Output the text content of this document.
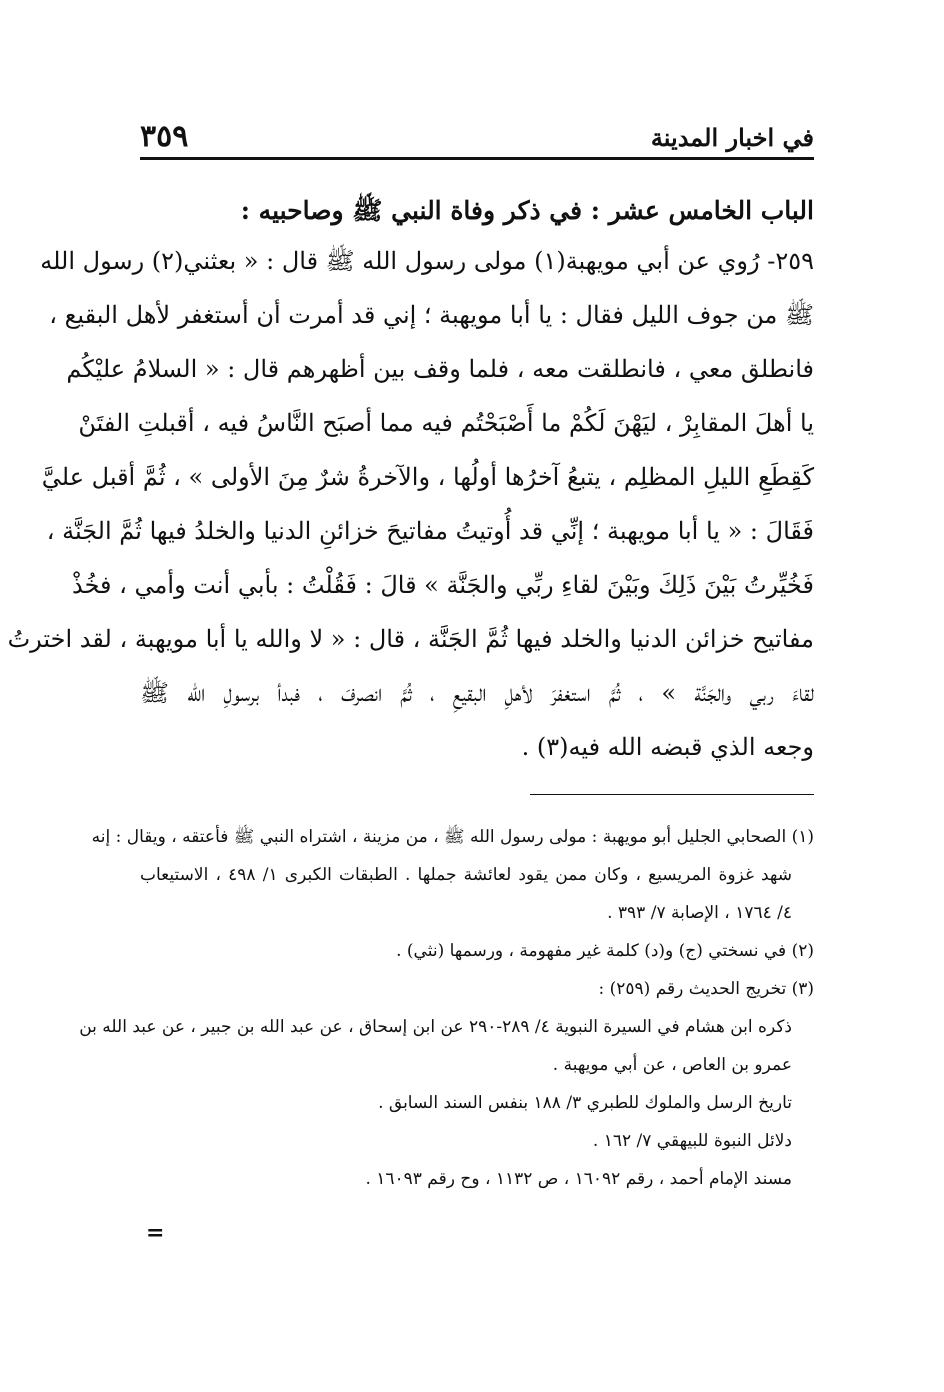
في اخبار المدينة
٣٥٩
الباب الخامس عشر : في ذكر وفاة النبي ﷺ وصاحبيه :
٢٥٩- رُوي عن أبي مويهبة(١) مولى رسول الله ﷺ قال : « بعثني(٢) رسول الله
ﷺ من جوف الليل فقال : يا أبا مويهبة ؛ إني قد أمرت أن أستغفر لأهل البقيع ،
فانطلق معي ، فانطلقت معه ، فلما وقف بين أظهرهم قال : « السلامُ عليْكُم
يا أهلَ المقابِرْ ، ليَهْنَ لَكُمْ ما أَصْبَحْتُم فيه مما أصبَح النَّاسُ فيه ، أقبلتِ الفتَنْ
كَقِطَعِ الليلِ المظلِم ، يتبعُ آخرُها أولُها ، والآخرةُ شرٌ مِنَ الأولى » ، ثُمَّ أقبل عليَّ
فَقَالَ : « يا أبا مويهبة ؛ إنِّي قد أُوتيتُ مفاتيحَ خزائنِ الدنيا والخلدُ فيها ثُمَّ الجَنَّة ،
فَخُيِّرتُ بَيْنَ ذَلِكَ وبَيْنَ لقاءِ ربِّي والجَنَّة » قالَ : فَقُلْتُ : بأبي أنت وأمي ، فخُذْ
مفاتيح خزائن الدنيا والخلد فيها ثُمَّ الجَنَّة ، قال : « لا والله يا أبا مويهبة ، لقد اخترتُ
لقاءَ ربي والجَنَّة » ، ثُمَّ استغفرَ لأهلِ البقيعِ ، ثُمَّ انصرفَ ، فبدأ برسولِ الله ﷺ
وجعه الذي قبضه الله فيه(٣) .
(١) الصحابي الجليل أبو مويهبة : مولى رسول الله ﷺ ، من مزينة ، اشتراه النبي ﷺ فأعتقه ، ويقال : إنه
شهد غزوة المريسيع ، وكان ممن يقود لعائشة جملها . الطبقات الكبرى ١/ ٤٩٨ ، الاستيعاب
٤/ ١٧٦٤ ، الإصابة ٧/ ٣٩٣ .
(٢) في نسختي (ج) و(د) كلمة غير مفهومة ، ورسمها (نثي) .
(٣) تخريج الحديث رقم (٢٥٩) :
ذكره ابن هشام في السيرة النبوية ٤/ ٢٨٩-٢٩٠ عن ابن إسحاق ، عن عبد الله بن جبير ، عن عبد الله بن
عمرو بن العاص ، عن أبي مويهبة .
تاريخ الرسل والملوك للطبري ٣/ ١٨٨ بنفس السند السابق .
دلائل النبوة للبيهقي ٧/ ١٦٢ .
مسند الإمام أحمد ، رقم ١٦٠٩٢ ، ص ١١٣٢ ، وح رقم ١٦٠٩٣ .
=
